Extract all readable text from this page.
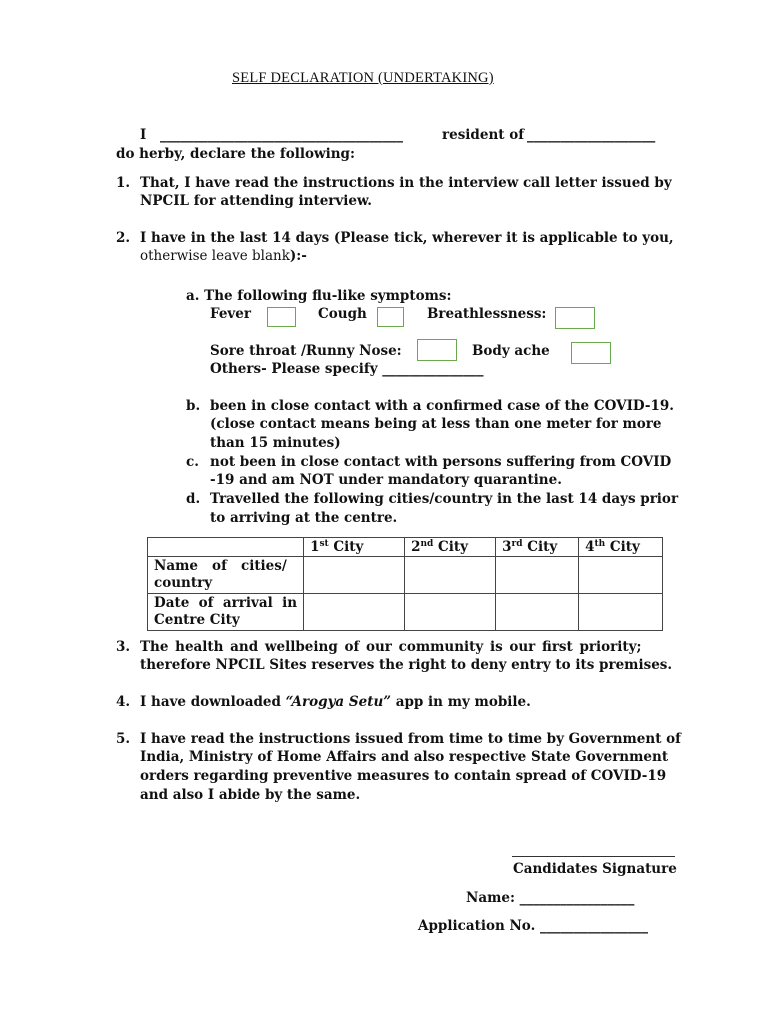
SELF DECLARATION (UNDERTAKING)
I ____________________________________	resident of ___________________
do herby, declare the following:
1. That, I have read the instructions in the interview call letter issued by
NPCIL for attending interview.
2. I have in the last 14 days (Please tick, wherever it is applicable to you,
otherwise leave blank):-
a. The following flu-like symptoms:
Fever	Cough	Breathlessness:
Sore throat /Runny Nose:	Body ache
Others- Please specify _______________
b. been in close contact with a confirmed case of the COVID-19.
(close contact means being at less than one meter for more
than 15 minutes)
c. not been in close contact with persons suffering from COVID
-19 and am NOT under mandatory quarantine.
d. Travelled the following cities/country in the last 14 days prior
to arriving at the centre.
	1st City	2nd City	3rd City	4th City

Name   of   cities/
country				

Date  of  arrival  in
Centre City				

3. The health and wellbeing of our community is our first priority;
therefore NPCIL Sites reserves the right to deny entry to its premises.
4. I have downloaded “Arogya Setu” app in my mobile.
5. I have read the instructions issued from time to time by Government of
India, Ministry of Home Affairs and also respective State Government
orders regarding preventive measures to contain spread of COVID-19
and also I abide by the same.
Candidates Signature
Name: _________________
Application No. ________________
